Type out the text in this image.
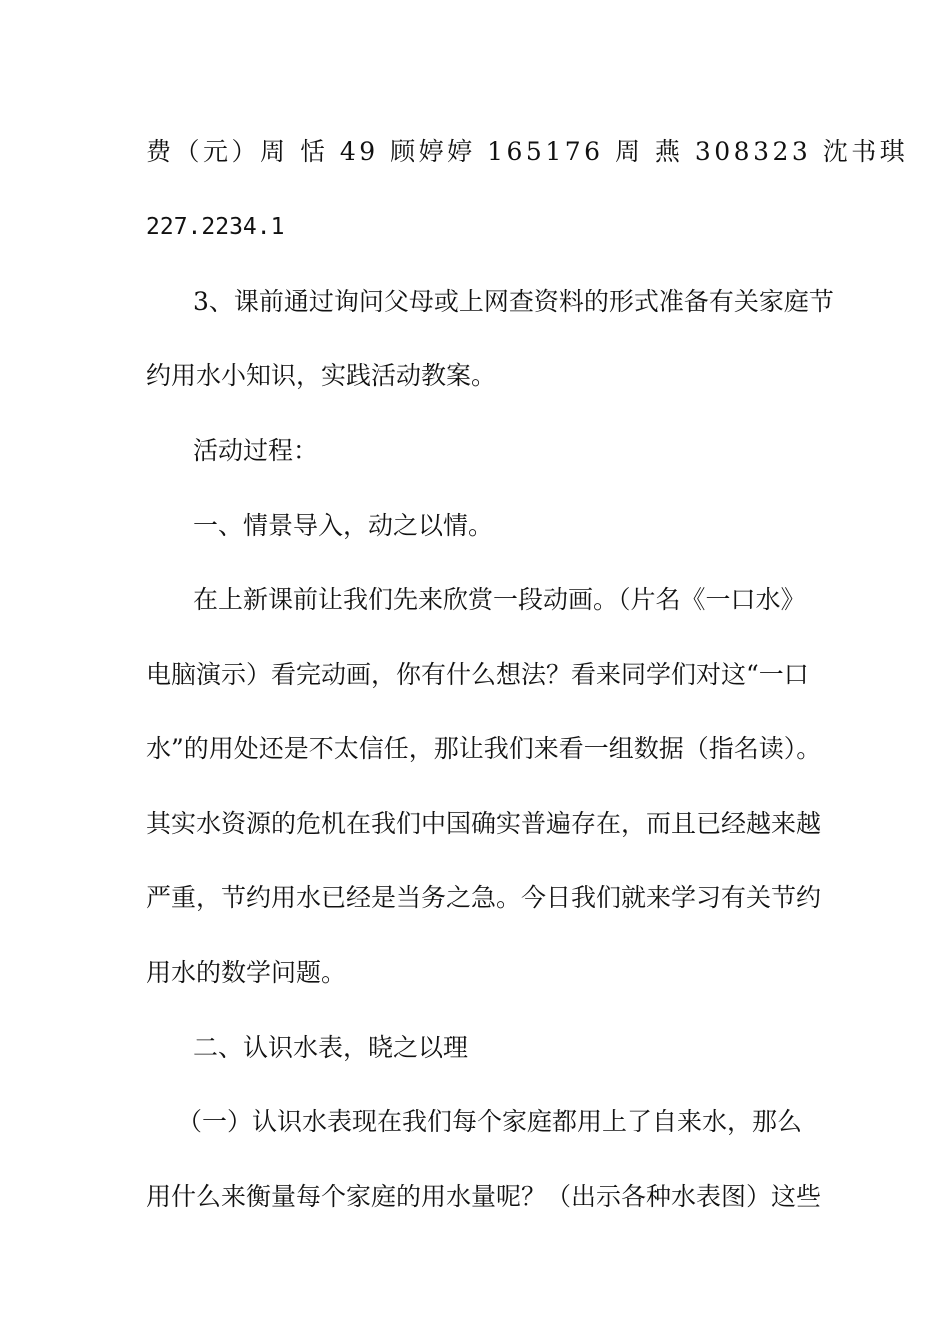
费（元）周 恬 49 顾婷婷 165176 周 燕 308323 沈书琪
227.2234.1
3、课前通过询问父母或上网查资料的形式准备有关家庭节
约用水小知识，实践活动教案。
活动过程：
一、情景导入，动之以情。
在上新课前让我们先来欣赏一段动画。（片名《一口水》
电脑演示）看完动画，你有什么想法？看来同学们对这“一口
水”的用处还是不太信任，那让我们来看一组数据（指名读）。
其实水资源的危机在我们中国确实普遍存在，而且已经越来越
严重，节约用水已经是当务之急。今日我们就来学习有关节约
用水的数学问题。
二、认识水表，晓之以理
（一）认识水表现在我们每个家庭都用上了自来水，那么
用什么来衡量每个家庭的用水量呢？（出示各种水表图）这些
